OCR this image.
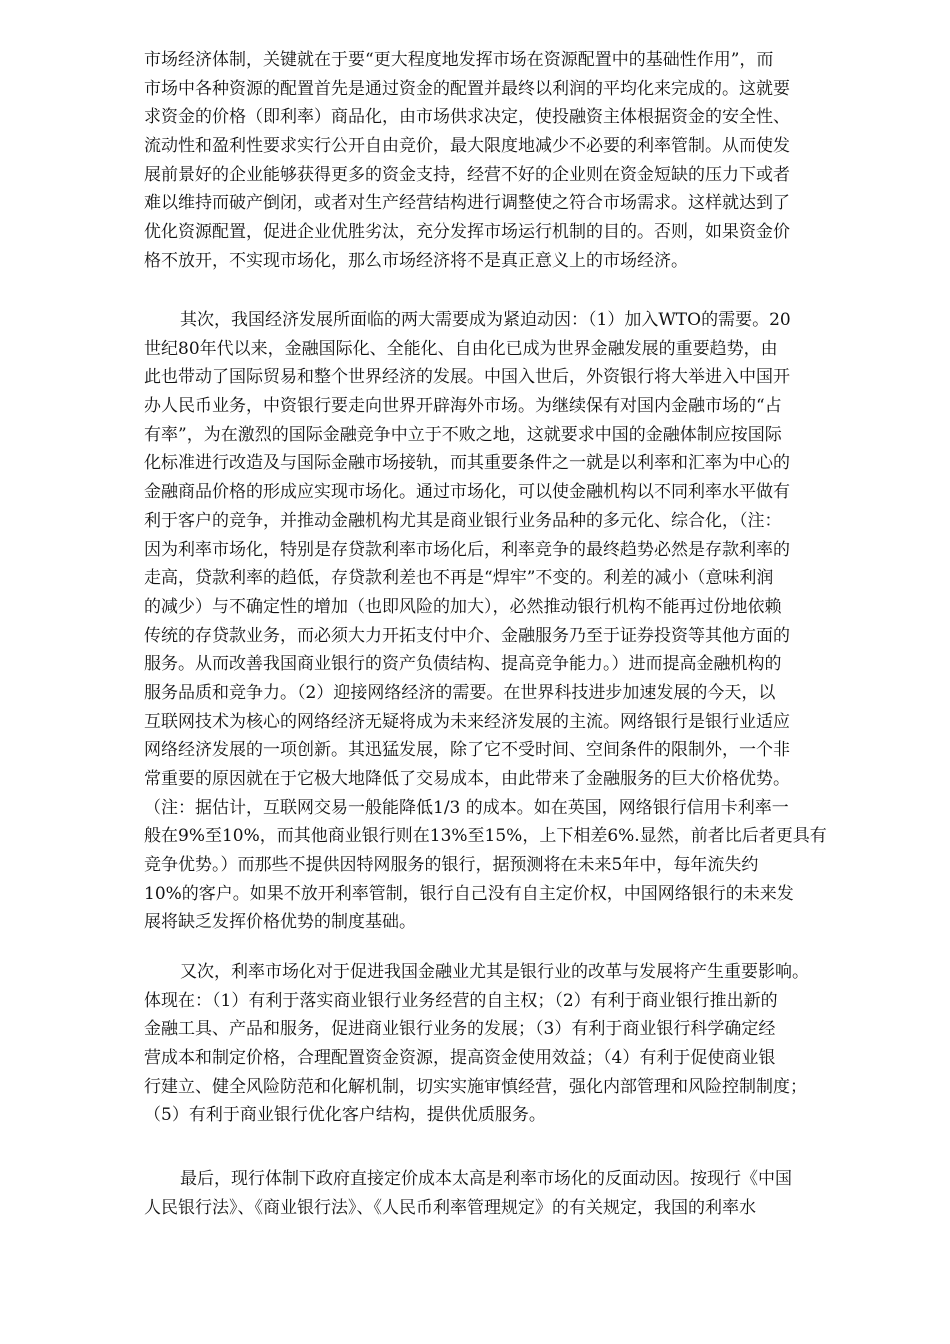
市场经济体制，关键就在于要“更大程度地发挥市场在资源配置中的基础性作用”，而
市场中各种资源的配置首先是通过资金的配置并最终以利润的平均化来完成的。这就要
求资金的价格（即利率）商品化，由市场供求决定，使投融资主体根据资金的安全性、
流动性和盈利性要求实行公开自由竞价，最大限度地减少不必要的利率管制。从而使发
展前景好的企业能够获得更多的资金支持，经营不好的企业则在资金短缺的压力下或者
难以维持而破产倒闭，或者对生产经营结构进行调整使之符合市场需求。这样就达到了
优化资源配置，促进企业优胜劣汰，充分发挥市场运行机制的目的。否则，如果资金价
格不放开，不实现市场化，那么市场经济将不是真正意义上的市场经济。
其次，我国经济发展所面临的两大需要成为紧迫动因：（1）加入WTO的需要。20
世纪80年代以来，金融国际化、全能化、自由化已成为世界金融发展的重要趋势，由
此也带动了国际贸易和整个世界经济的发展。中国入世后，外资银行将大举进入中国开
办人民币业务，中资银行要走向世界开辟海外市场。为继续保有对国内金融市场的“占
有率”，为在激烈的国际金融竞争中立于不败之地，这就要求中国的金融体制应按国际
化标准进行改造及与国际金融市场接轨，而其重要条件之一就是以利率和汇率为中心的
金融商品价格的形成应实现市场化。通过市场化，可以使金融机构以不同利率水平做有
利于客户的竞争，并推动金融机构尤其是商业银行业务品种的多元化、综合化，（注：
因为利率市场化，特别是存贷款利率市场化后，利率竞争的最终趋势必然是存款利率的
走高，贷款利率的趋低，存贷款利差也不再是“焊牢”不变的。利差的减小（意味利润
的减少）与不确定性的增加（也即风险的加大），必然推动银行机构不能再过份地依赖
传统的存贷款业务，而必须大力开拓支付中介、金融服务乃至于证券投资等其他方面的
服务。从而改善我国商业银行的资产负债结构、提高竞争能力。）进而提高金融机构的
服务品质和竞争力。（2）迎接网络经济的需要。在世界科技进步加速发展的今天，以
互联网技术为核心的网络经济无疑将成为未来经济发展的主流。网络银行是银行业适应
网络经济发展的一项创新。其迅猛发展，除了它不受时间、空间条件的限制外，一个非
常重要的原因就在于它极大地降低了交易成本，由此带来了金融服务的巨大价格优势。
（注：据估计，互联网交易一般能降低1/3 的成本。如在英国，网络银行信用卡利率一
般在9%至10%，而其他商业银行则在13%至15%，上下相差6%.显然，前者比后者更具有
竞争优势。）而那些不提供因特网服务的银行，据预测将在未来5年中，每年流失约
10%的客户。如果不放开利率管制，银行自己没有自主定价权，中国网络银行的未来发
展将缺乏发挥价格优势的制度基础。
又次，利率市场化对于促进我国金融业尤其是银行业的改革与发展将产生重要影响。
体现在：（1）有利于落实商业银行业务经营的自主权；（2）有利于商业银行推出新的
金融工具、产品和服务，促进商业银行业务的发展；（3）有利于商业银行科学确定经
营成本和制定价格，合理配置资金资源，提高资金使用效益；（4）有利于促使商业银
行建立、健全风险防范和化解机制，切实实施审慎经营，强化内部管理和风险控制制度；
（5）有利于商业银行优化客户结构，提供优质服务。
最后，现行体制下政府直接定价成本太高是利率市场化的反面动因。按现行《中国
人民银行法》、《商业银行法》、《人民币利率管理规定》的有关规定，我国的利率水
